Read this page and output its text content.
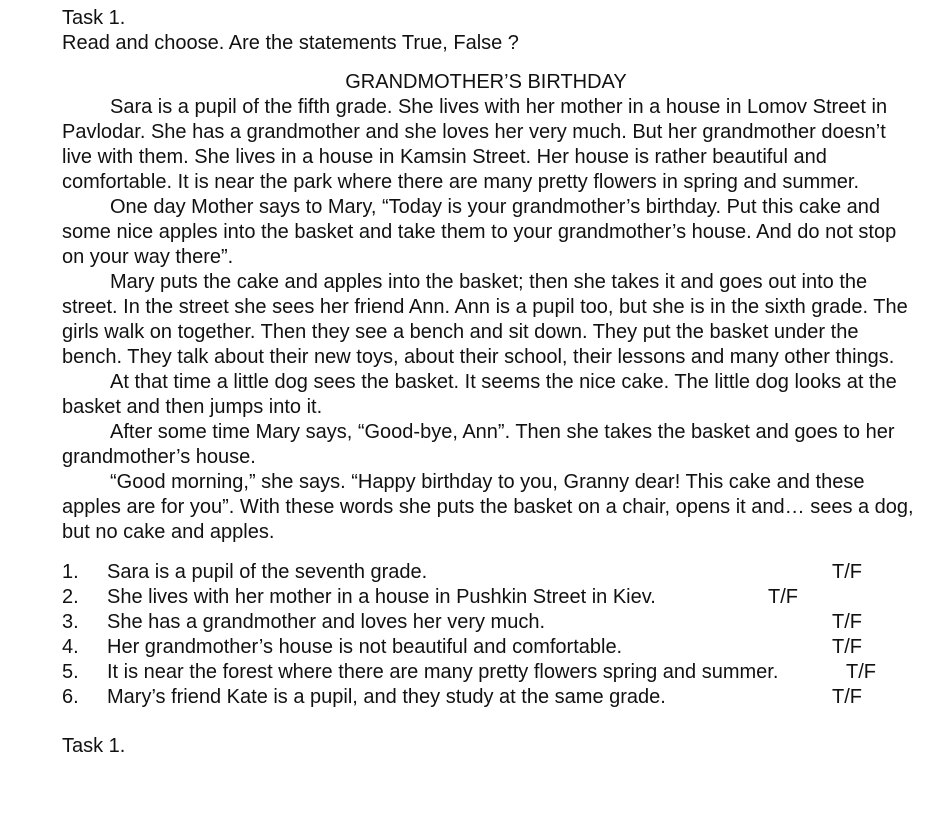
Task 1.
Read and choose. Are the statements True, False ?
GRANDMOTHER’S BIRTHDAY

Sara is a pupil of the fifth grade. She lives with her mother in a house in Lomov Street in Pavlodar. She has a grandmother and she loves her very much. But her grandmother doesn’t live with them. She lives in a house in Kamsin Street. Her house is rather beautiful and comfortable. It is near the park where there are many pretty flowers in spring and summer.

One day Mother says to Mary, “Today is your grandmother’s birthday. Put this cake and some nice apples into the basket and take them to your grandmother’s house. And do not stop on your way there”.

Mary puts the cake and apples into the basket; then she takes it and goes out into the street. In the street she sees her friend Ann. Ann is a pupil too, but she is in the sixth grade. The girls walk on together. Then they see a bench and sit down. They put the basket under the bench. They talk about their new toys, about their school, their lessons and many other things.

At that time a little dog sees the basket. It seems the nice cake. The little dog looks at the basket and then jumps into it.

After some time Mary says, “Good-bye, Ann”. Then she takes the basket and goes to her grandmother’s house.

“Good morning,” she says. “Happy birthday to you, Granny dear! This cake and these apples are for you”. With these words she puts the basket on a chair, opens it and… sees a dog, but no cake and apples.

1. Sara is a pupil of the seventh grade.	T/F
2. She lives with her mother in a house in Pushkin Street in Kiev.	T/F
3. She has a grandmother and loves her very much.	T/F
4. Her grandmother’s house is not beautiful and comfortable.	T/F
5. It is near the forest where there are many pretty flowers spring and summer.	T/F
6. Mary’s friend Kate is a pupil, and they study at the same grade.	T/F
Task 1.
